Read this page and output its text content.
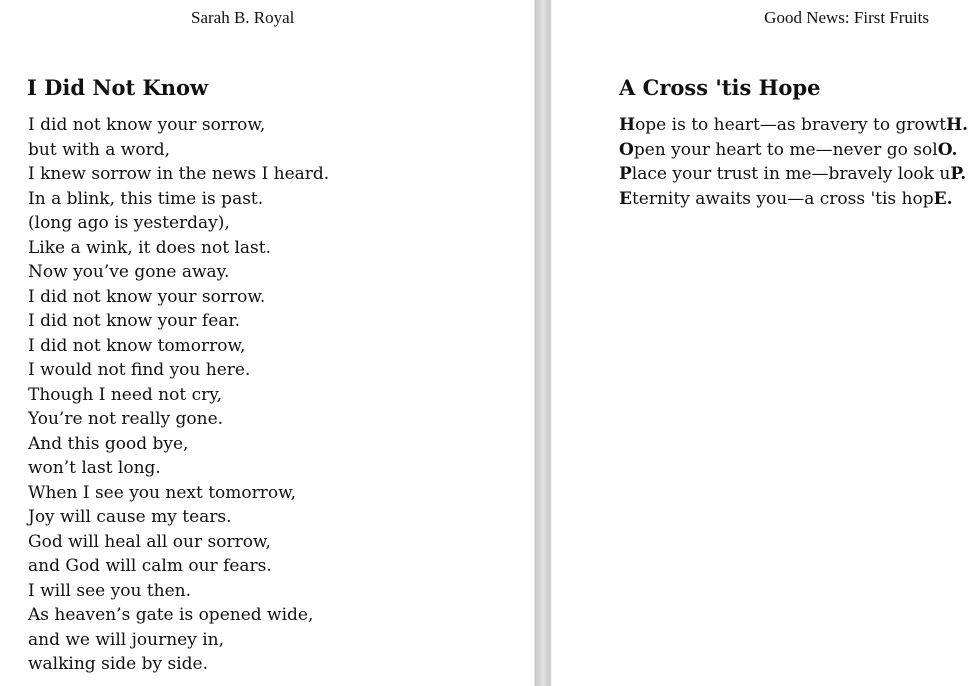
Sarah B. Royal
I Did Not Know
I did not know your sorrow,
but with a word,
I knew sorrow in the news I heard.
In a blink, this time is past.
(long ago is yesterday),
Like a wink, it does not last.
Now you’ve gone away.
I did not know your sorrow.
I did not know your fear.
I did not know tomorrow,
I would not find you here.
Though I need not cry,
You’re not really gone.
And this good bye,
won’t last long.
When I see you next tomorrow,
Joy will cause my tears.
God will heal all our sorrow,
and God will calm our fears.
I will see you then.
As heaven’s gate is opened wide,
and we will journey in,
walking side by side.
Good News: First Fruits
A Cross 'tis Hope
Hope is to heart—as bravery to growtH.
Open your heart to me—never go solO.
Place your trust in me—bravely look uP.
Eternity awaits you—a cross 'tis hopE.
